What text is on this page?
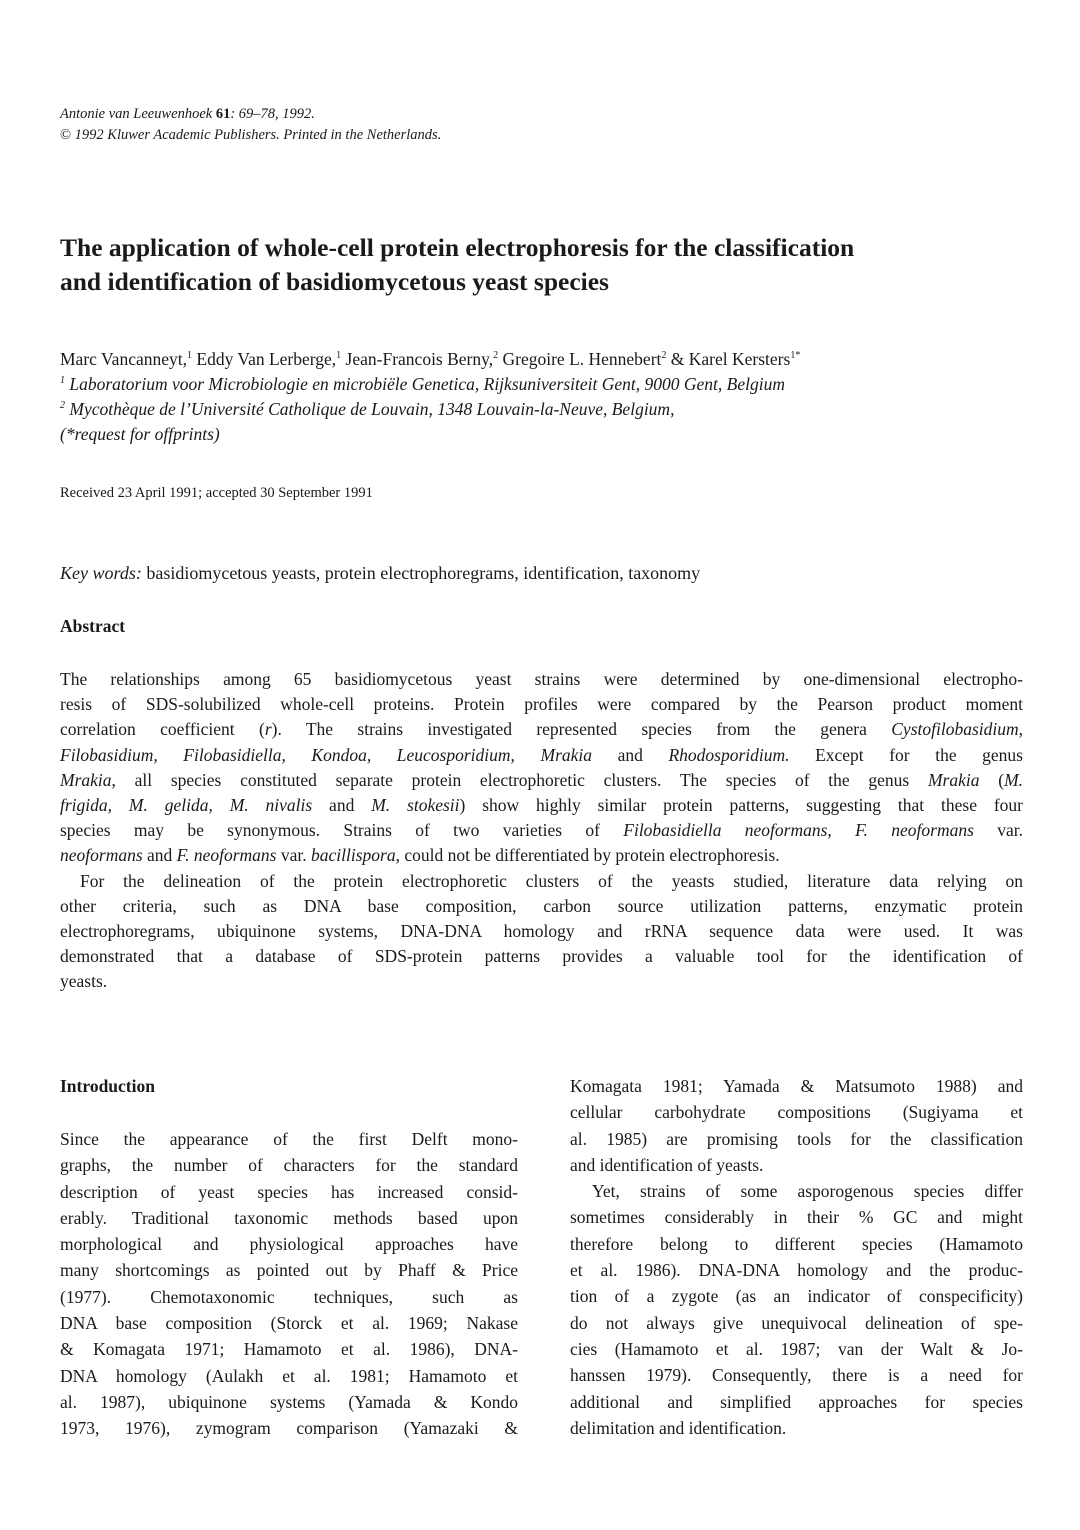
Antonie van Leeuwenhoek 61: 69–78, 1992.
© 1992 Kluwer Academic Publishers. Printed in the Netherlands.
The application of whole-cell protein electrophoresis for the classification
and identification of basidiomycetous yeast species
Marc Vancanneyt,$^1$ Eddy Van Lerberge,$^1$ Jean-Francois Berny,$^2$ Gregoire L. Hennebert$^2$ & Karel Kersters$^{1*}$
$^1$ Laboratorium voor Microbiologie en microbiële Genetica, Rijksuniversiteit Gent, 9000 Gent, Belgium
$^2$ Mycothèque de l’Université Catholique de Louvain, 1348 Louvain-la-Neuve, Belgium,
(*request for offprints)
Received 23 April 1991; accepted 30 September 1991
Key words: basidiomycetous yeasts, protein electrophoregrams, identification, taxonomy
Abstract
The relationships among 65 basidiomycetous yeast strains were determined by one-dimensional electropho-
resis of SDS-solubilized whole-cell proteins. Protein profiles were compared by the Pearson product moment
correlation coefficient (r). The strains investigated represented species from the genera Cystofilobasidium,
Filobasidium, Filobasidiella, Kondoa, Leucosporidium, Mrakia and Rhodosporidium. Except for the genus
Mrakia, all species constituted separate protein electrophoretic clusters. The species of the genus Mrakia (M.
frigida, M. gelida, M. nivalis and M. stokesii) show highly similar protein patterns, suggesting that these four
species may be synonymous. Strains of two varieties of Filobasidiella neoformans, F. neoformans var.
neoformans and F. neoformans var. bacillispora, could not be differentiated by protein electrophoresis.
For the delineation of the protein electrophoretic clusters of the yeasts studied, literature data relying on
other criteria, such as DNA base composition, carbon source utilization patterns, enzymatic protein
electrophoregrams, ubiquinone systems, DNA-DNA homology and rRNA sequence data were used. It was
demonstrated that a database of SDS-protein patterns provides a valuable tool for the identification of
yeasts.
Introduction
Since the appearance of the first Delft mono-
graphs, the number of characters for the standard
description of yeast species has increased consid-
erably. Traditional taxonomic methods based upon
morphological and physiological approaches have
many shortcomings as pointed out by Phaff & Price
(1977). Chemotaxonomic techniques, such as
DNA base composition (Storck et al. 1969; Nakase
& Komagata 1971; Hamamoto et al. 1986), DNA-
DNA homology (Aulakh et al. 1981; Hamamoto et
al. 1987), ubiquinone systems (Yamada & Kondo
1973, 1976), zymogram comparison (Yamazaki &
Komagata 1981; Yamada & Matsumoto 1988) and
cellular carbohydrate compositions (Sugiyama et
al. 1985) are promising tools for the classification
and identification of yeasts.
Yet, strains of some asporogenous species differ
sometimes considerably in their % GC and might
therefore belong to different species (Hamamoto
et al. 1986). DNA-DNA homology and the produc-
tion of a zygote (as an indicator of conspecificity)
do not always give unequivocal delineation of spe-
cies (Hamamoto et al. 1987; van der Walt & Jo-
hanssen 1979). Consequently, there is a need for
additional and simplified approaches for species
delimitation and identification.
